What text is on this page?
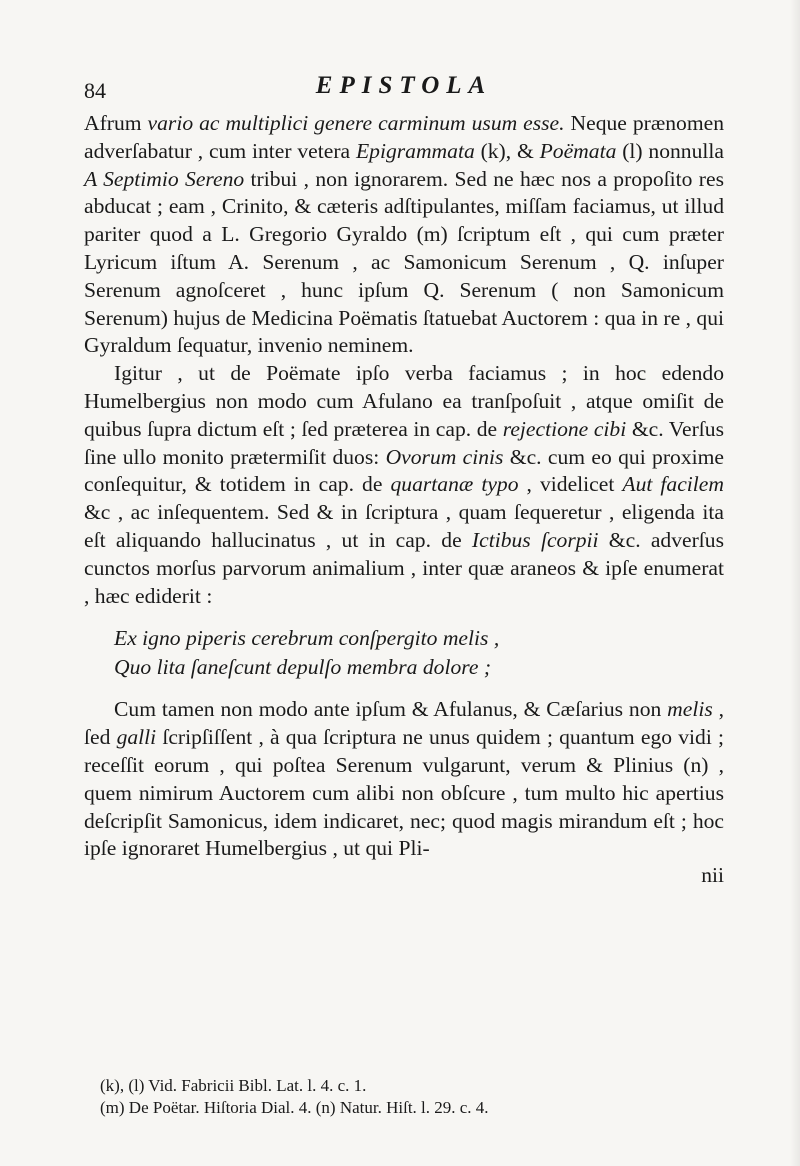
84	EPISTOLA

Afrum vario ac multiplici genere carminum usum esse. Neque prænomen adverſabatur , cum inter vetera Epigrammata (k), & Poëmata (l) nonnulla A Septimio Sereno tribui , non ignorarem. Sed ne hæc nos a propoſito res abducat ; eam , Crinito, & cæteris adſtipulantes, miſſam faciamus, ut illud pariter quod a L. Gregorio Gyraldo (m) ſcriptum eſt , qui cum præter Lyricum iſtum A. Serenum , ac Samonicum Serenum , Q. inſuper Serenum agnoſceret , hunc ipſum Q. Serenum ( non Samonicum Serenum) hujus de Medicina Poëmatis ſtatuebat Auctorem : qua in re , qui Gyraldum ſequatur, invenio neminem.

Igitur , ut de Poëmate ipſo verba faciamus ; in hoc edendo Humelbergius non modo cum Afulano ea tranſpoſuit , atque omiſit de quibus ſupra dictum eſt ; ſed præterea in cap. de rejectione cibi &c. Verſus ſine ullo monito prætermiſit duos: Ovorum cinis &c. cum eo qui proxime conſequitur, & totidem in cap. de quartanæ typo , videlicet Aut facilem &c , ac inſequentem. Sed & in ſcriptura , quam ſequeretur , eligenda ita eſt aliquando hallucinatus , ut in cap. de Ictibus ſcorpii &c. adverſus cunctos morſus parvorum animalium , inter quæ araneos & ipſe enumerat , hæc ediderit :

Ex igno piperis cerebrum conſpergito melis ,
Quo lita ſaneſcunt depulſo membra dolore ;

Cum tamen non modo ante ipſum & Afulanus, & Cæſarius non melis , ſed galli ſcripſiſſent , à qua ſcriptura ne unus quidem ; quantum ego vidi ; receſſit eorum , qui poſtea Serenum vulgarunt, verum & Plinius (n) , quem nimirum Auctorem cum alibi non obſcure , tum multo hic apertius deſcripſit Samonicus, idem indicaret, nec; quod magis mirandum eſt ; hoc ipſe ignoraret Humelbergius , ut qui Pli-

nii
(k), (l) Vid. Fabricii Bibl. Lat. l. 4. c. 1.
(m) De Poëtar. Hiſtoria Dial. 4. (n) Natur. Hiſt. l. 29. c. 4.
